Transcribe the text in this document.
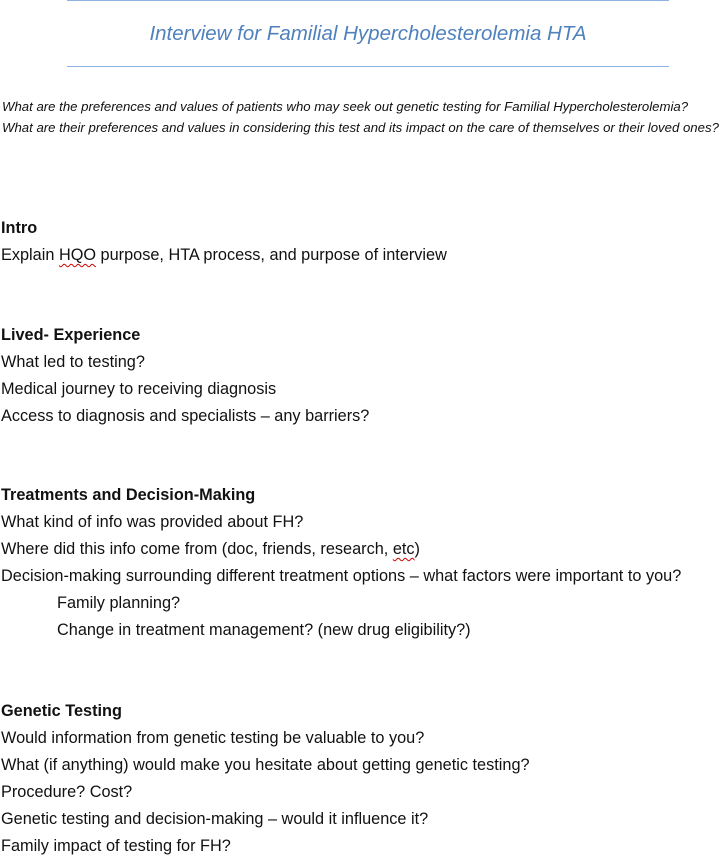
Interview for Familial Hypercholesterolemia HTA

What are the preferences and values of patients who may seek out genetic testing for Familial Hypercholesterolemia? What are their preferences and values in considering this test and its impact on the care of themselves or their loved ones?

Intro

Explain HQO purpose, HTA process, and purpose of interview

Lived- Experience

What led to testing?

Medical journey to receiving diagnosis

Access to diagnosis and specialists – any barriers?

Treatments and Decision-Making

What kind of info was provided about FH?

Where did this info come from (doc, friends, research, etc)

Decision-making surrounding different treatment options – what factors were important to you?

Family planning?

Change in treatment management? (new drug eligibility?)

Genetic Testing

Would information from genetic testing be valuable to you?

What (if anything) would make you hesitate about getting genetic testing?

Procedure? Cost?

Genetic testing and decision-making – would it influence it?

Family impact of testing for FH?
